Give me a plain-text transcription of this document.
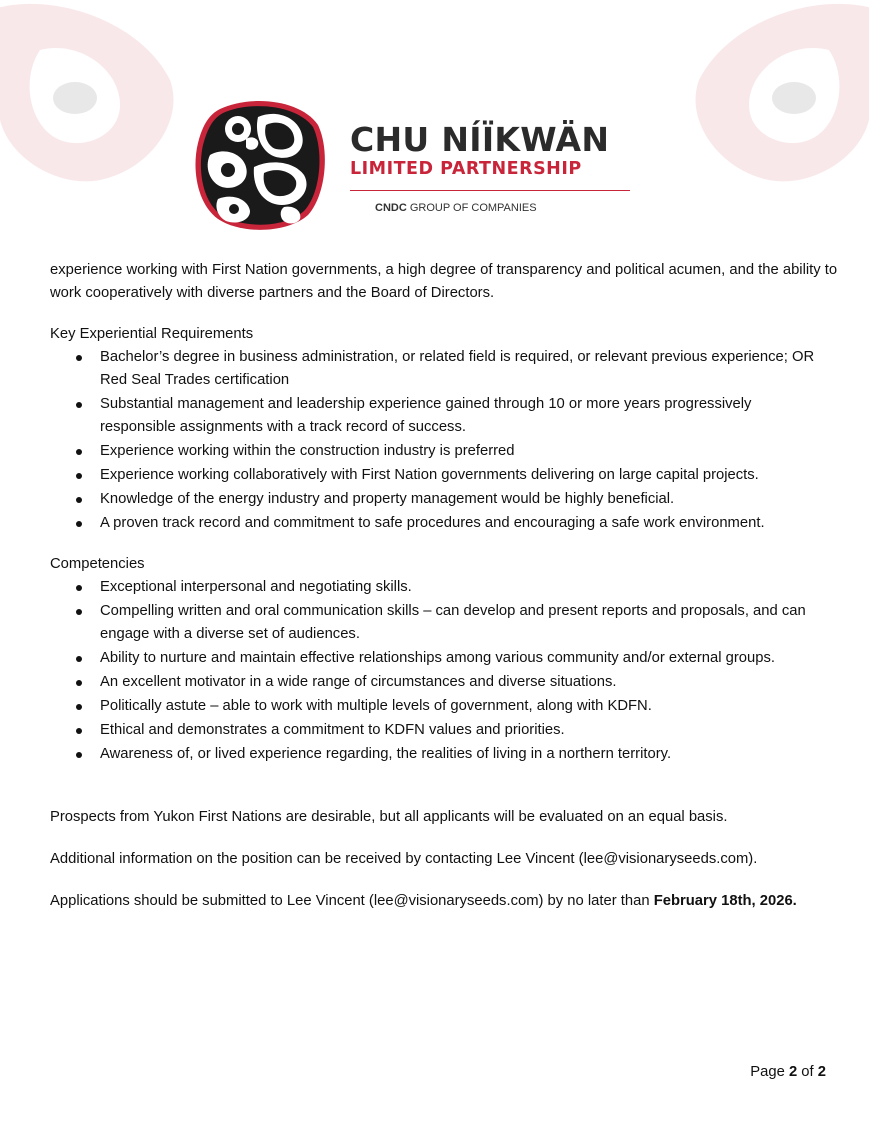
CHU NÍÏKWÄN
LIMITED PARTNERSHIP
CNDC GROUP OF COMPANIES

experience working with First Nation governments, a high degree of transparency and political acumen, and the ability to work cooperatively with diverse partners and the Board of Directors.

Key Experiential Requirements

Bachelor’s degree in business administration, or related field is required, or relevant previous experience; OR Red Seal Trades certification
Substantial management and leadership experience gained through 10 or more years progressively responsible assignments with a track record of success.
Experience working within the construction industry is preferred
Experience working collaboratively with First Nation governments delivering on large capital projects.
Knowledge of the energy industry and property management would be highly beneficial.
A proven track record and commitment to safe procedures and encouraging a safe work environment.

Competencies

Exceptional interpersonal and negotiating skills.
Compelling written and oral communication skills – can develop and present reports and proposals, and can engage with a diverse set of audiences.
Ability to nurture and maintain effective relationships among various community and/or external groups.
An excellent motivator in a wide range of circumstances and diverse situations.
Politically astute – able to work with multiple levels of government, along with KDFN.
Ethical and demonstrates a commitment to KDFN values and priorities.
Awareness of, or lived experience regarding, the realities of living in a northern territory.

Prospects from Yukon First Nations are desirable, but all applicants will be evaluated on an equal basis.

Additional information on the position can be received by contacting Lee Vincent (lee@visionaryseeds.com).

Applications should be submitted to Lee Vincent (lee@visionaryseeds.com) by no later than February 18th, 2026.

Page 2 of 2
